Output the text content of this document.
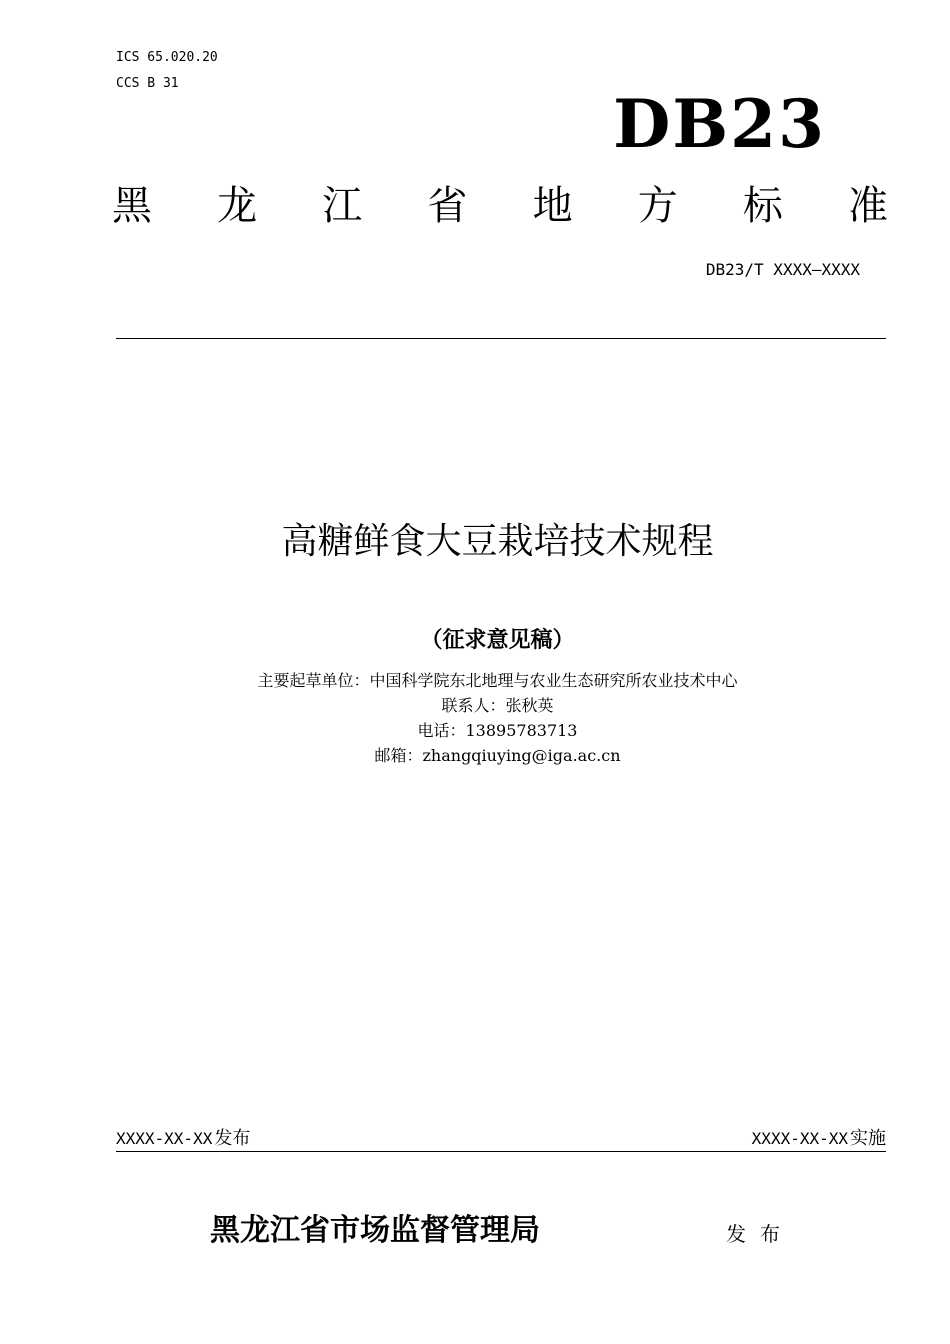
ICS 65.020.20
CCS B 31
DB23
黑 龙 江 省 地 方 标 准
DB23/T XXXX—XXXX
高糖鲜食大豆栽培技术规程
（征求意见稿）
主要起草单位：中国科学院东北地理与农业生态研究所农业技术中心
联系人：张秋英
电话：13895783713
邮箱：zhangqiuying@iga.ac.cn
XXXX-XX-XX 发布	XXXX-XX-XX 实施
黑龙江省市场监督管理局	发布
